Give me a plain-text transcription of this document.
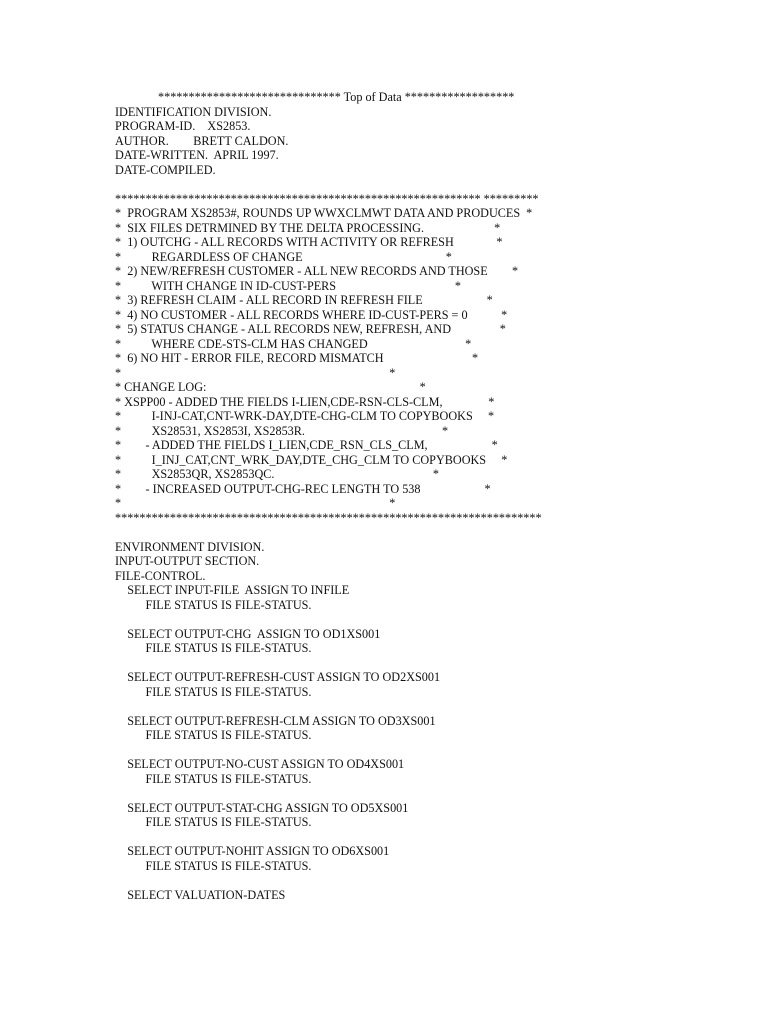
****************************** Top of Data ******************
IDENTIFICATION DIVISION.
PROGRAM-ID.    XS2853.
AUTHOR.        BRETT CALDON.
DATE-WRITTEN.  APRIL 1997.
DATE-COMPILED.
************************************************************ *********
*  PROGRAM XS2853#, ROUNDS UP WWXCLMWT DATA AND PRODUCES  *
*  SIX FILES DETRMINED BY THE DELTA PROCESSING.                       *
*  1) OUTCHG - ALL RECORDS WITH ACTIVITY OR REFRESH              *
*          REGARDLESS OF CHANGE                                               *
*  2) NEW/REFRESH CUSTOMER - ALL NEW RECORDS AND THOSE        *
*          WITH CHANGE IN ID-CUST-PERS                                       *
*  3) REFRESH CLAIM - ALL RECORD IN REFRESH FILE                     *
*  4) NO CUSTOMER - ALL RECORDS WHERE ID-CUST-PERS = 0           *
*  5) STATUS CHANGE - ALL RECORDS NEW, REFRESH, AND                *
*          WHERE CDE-STS-CLM HAS CHANGED                                *
*  6) NO HIT - ERROR FILE, RECORD MISMATCH                             *
*                                                                                        *
* CHANGE LOG:                                                                      *
* XSPP00 - ADDED THE FIELDS I-LIEN,CDE-RSN-CLS-CLM,               *
*          I-INJ-CAT,CNT-WRK-DAY,DTE-CHG-CLM TO COPYBOOKS     *
*          XS28531, XS2853I, XS2853R.                                             *
*        - ADDED THE FIELDS I_LIEN,CDE_RSN_CLS_CLM,                     *
*          I_INJ_CAT,CNT_WRK_DAY,DTE_CHG_CLM TO COPYBOOKS     *
*          XS2853QR, XS2853QC.                                                    *
*        - INCREASED OUTPUT-CHG-REC LENGTH TO 538                     *
*                                                                                        *
**********************************************************************
ENVIRONMENT DIVISION.
INPUT-OUTPUT SECTION.
FILE-CONTROL.
SELECT INPUT-FILE  ASSIGN TO INFILE
FILE STATUS IS FILE-STATUS.
SELECT OUTPUT-CHG  ASSIGN TO OD1XS001
FILE STATUS IS FILE-STATUS.
SELECT OUTPUT-REFRESH-CUST ASSIGN TO OD2XS001
FILE STATUS IS FILE-STATUS.
SELECT OUTPUT-REFRESH-CLM ASSIGN TO OD3XS001
FILE STATUS IS FILE-STATUS.
SELECT OUTPUT-NO-CUST ASSIGN TO OD4XS001
FILE STATUS IS FILE-STATUS.
SELECT OUTPUT-STAT-CHG ASSIGN TO OD5XS001
FILE STATUS IS FILE-STATUS.
SELECT OUTPUT-NOHIT ASSIGN TO OD6XS001
FILE STATUS IS FILE-STATUS.
SELECT VALUATION-DATES
